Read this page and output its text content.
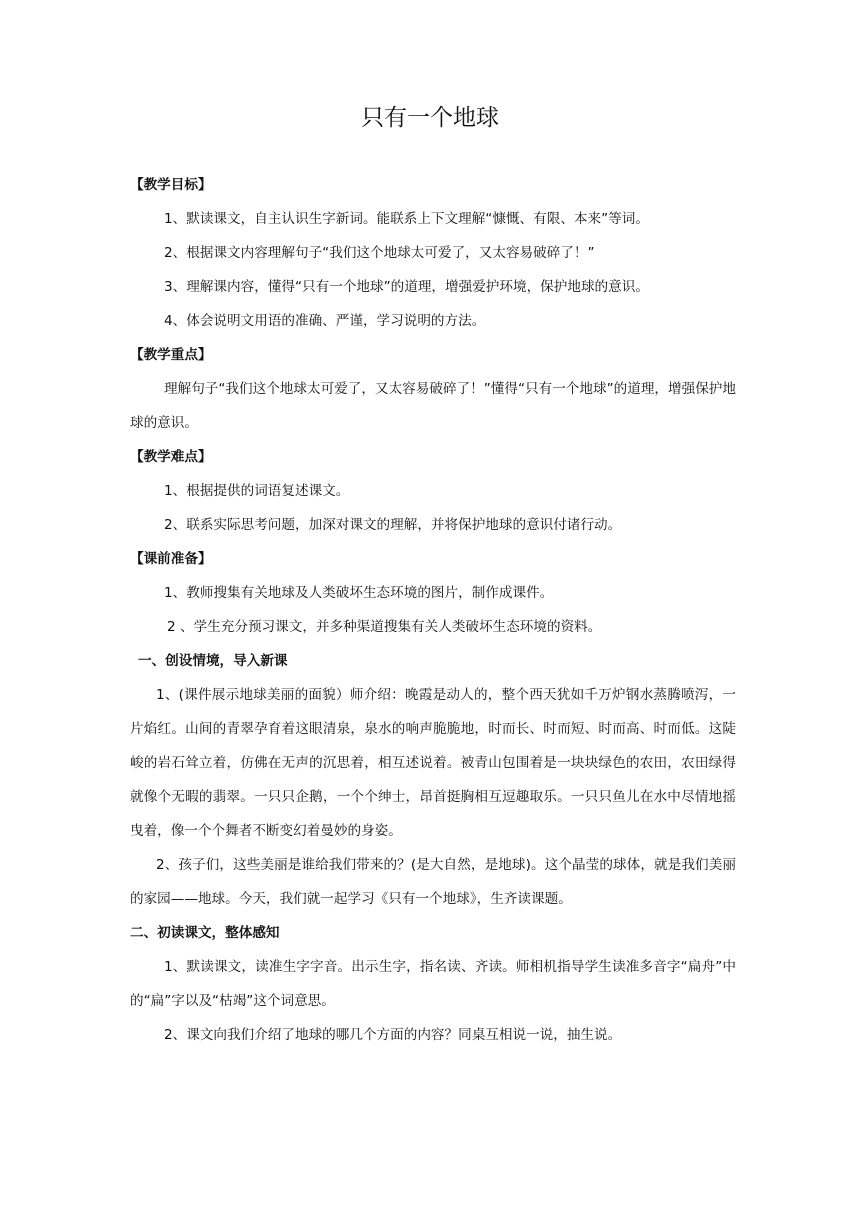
只有一个地球
【教学目标】
1、默读课文，自主认识生字新词。能联系上下文理解“慷慨、有限、本来”等词。
2、根据课文内容理解句子“我们这个地球太可爱了，又太容易破碎了！”
3、理解课内容，懂得“只有一个地球”的道理，增强爱护环境，保护地球的意识。
4、体会说明文用语的准确、严谨，学习说明的方法。
【教学重点】
理解句子“我们这个地球太可爱了，又太容易破碎了！”懂得“只有一个地球”的道理，增强保护地球的意识。
【教学难点】
1、根据提供的词语复述课文。
2、联系实际思考问题，加深对课文的理解，并将保护地球的意识付诸行动。
【课前准备】
1、教师搜集有关地球及人类破坏生态环境的图片，制作成课件。
2 、学生充分预习课文，并多种渠道搜集有关人类破坏生态环境的资料。
一、创设情境，导入新课
1、(课件展示地球美丽的面貌）师介绍：晚霞是动人的，整个西天犹如千万炉钢水蒸腾喷泻，一片焰红。山间的青翠孕育着这眼清泉，泉水的响声脆脆地，时而长、时而短、时而高、时而低。这陡峻的岩石耸立着，仿佛在无声的沉思着，相互述说着。被青山包围着是一块块绿色的农田，农田绿得就像个无暇的翡翠。一只只企鹅，一个个绅士，昂首挺胸相互逗趣取乐。一只只鱼儿在水中尽情地摇曳着，像一个个舞者不断变幻着曼妙的身姿。
2、孩子们，这些美丽是谁给我们带来的？(是大自然，是地球)。这个晶莹的球体，就是我们美丽的家园——地球。今天，我们就一起学习《只有一个地球》，生齐读课题。
二、初读课文，整体感知
1、默读课文，读准生字字音。出示生字，指名读、齐读。师相机指导学生读准多音字“扁舟”中的“扁”字以及“枯竭”这个词意思。
2、课文向我们介绍了地球的哪几个方面的内容？同桌互相说一说，抽生说。
